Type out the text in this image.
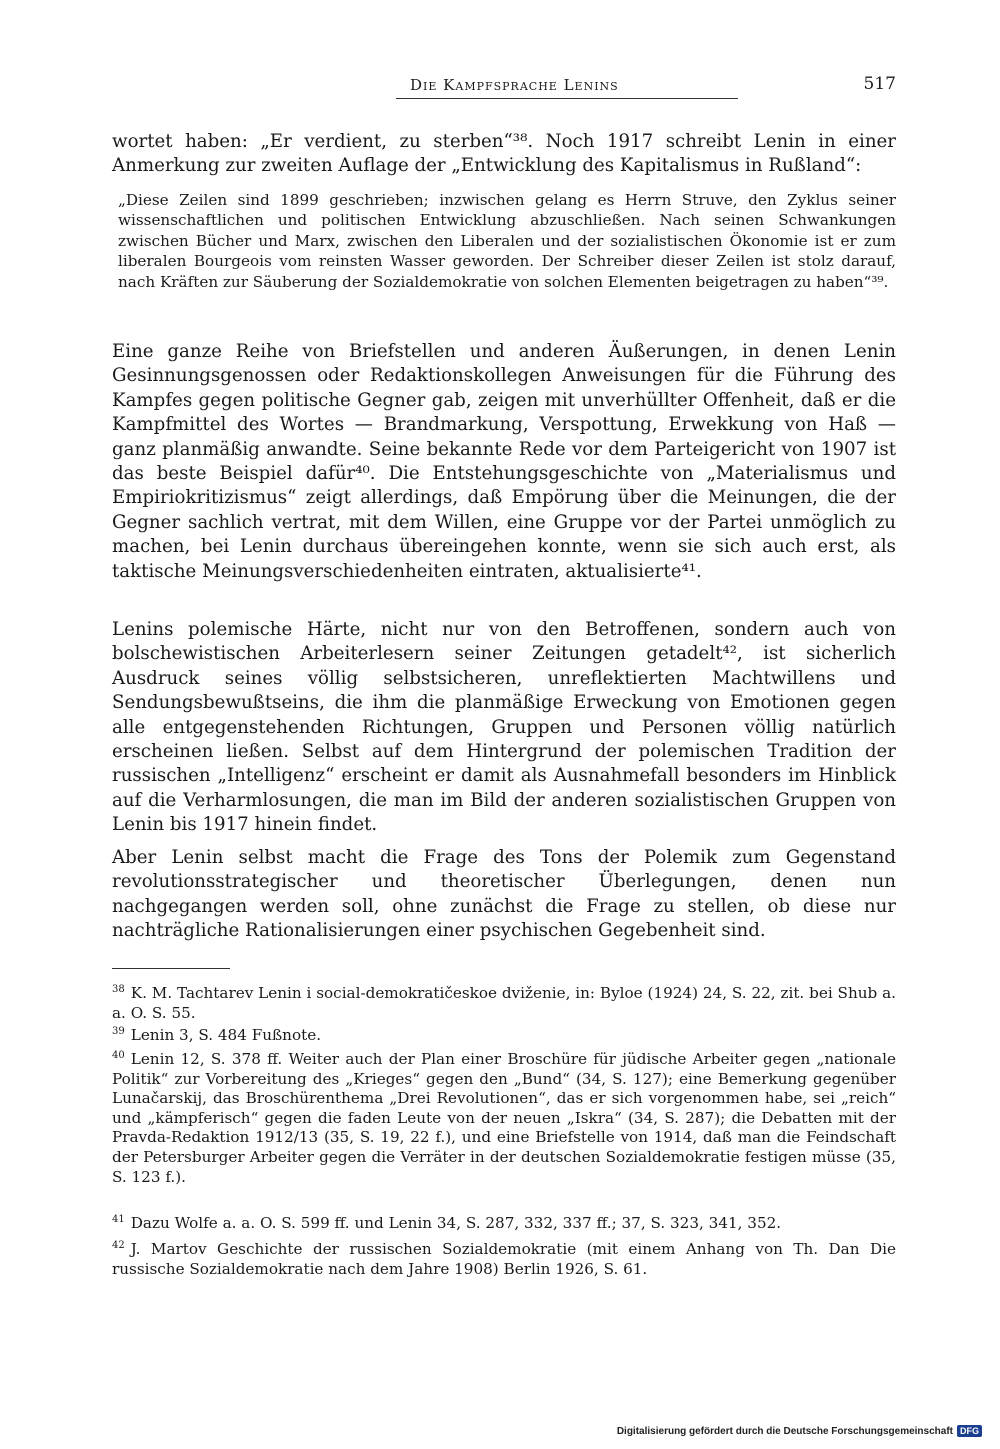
Die Kampfsprache Lenins	517

wortet haben: „Er verdient, zu sterben“³⁸. Noch 1917 schreibt Lenin in einer Anmerkung zur zweiten Auflage der „Entwicklung des Kapitalismus in Rußland“:

„Diese Zeilen sind 1899 geschrieben; inzwischen gelang es Herrn Struve, den Zyklus seiner wissenschaftlichen und politischen Entwicklung abzuschließen. Nach seinen Schwankungen zwischen Bücher und Marx, zwischen den Liberalen und der sozialistischen Ökonomie ist er zum liberalen Bourgeois vom reinsten Wasser geworden. Der Schreiber dieser Zeilen ist stolz darauf, nach Kräften zur Säuberung der Sozialdemokratie von solchen Elementen beigetragen zu haben“³⁹.

Eine ganze Reihe von Briefstellen und anderen Äußerungen, in denen Lenin Gesinnungsgenossen oder Redaktionskollegen Anweisungen für die Führung des Kampfes gegen politische Gegner gab, zeigen mit unverhüllter Offenheit, daß er die Kampfmittel des Wortes — Brandmarkung, Verspottung, Erwekkung von Haß — ganz planmäßig anwandte. Seine bekannte Rede vor dem Parteigericht von 1907 ist das beste Beispiel dafür⁴⁰. Die Entstehungsgeschichte von „Materialismus und Empiriokritizismus“ zeigt allerdings, daß Empörung über die Meinungen, die der Gegner sachlich vertrat, mit dem Willen, eine Gruppe vor der Partei unmöglich zu machen, bei Lenin durchaus übereingehen konnte, wenn sie sich auch erst, als taktische Meinungsverschiedenheiten eintraten, aktualisierte⁴¹.

Lenins polemische Härte, nicht nur von den Betroffenen, sondern auch von bolschewistischen Arbeiterlesern seiner Zeitungen getadelt⁴², ist sicherlich Ausdruck seines völlig selbstsicheren, unreflektierten Machtwillens und Sendungsbewußtseins, die ihm die planmäßige Erweckung von Emotionen gegen alle entgegenstehenden Richtungen, Gruppen und Personen völlig natürlich erscheinen ließen. Selbst auf dem Hintergrund der polemischen Tradition der russischen „Intelligenz“ erscheint er damit als Ausnahmefall besonders im Hinblick auf die Verharmlosungen, die man im Bild der anderen sozialistischen Gruppen von Lenin bis 1917 hinein findet.

Aber Lenin selbst macht die Frage des Tons der Polemik zum Gegenstand revolutionsstrategischer und theoretischer Überlegungen, denen nun nachgegangen werden soll, ohne zunächst die Frage zu stellen, ob diese nur nachträgliche Rationalisierungen einer psychischen Gegebenheit sind.

$^{38}$ K. M. Tachtarev Lenin i social-demokratičeskoe dviženie, in: Byloe (1924) 24, S. 22, zit. bei Shub a. a. O. S. 55.

$^{39}$ Lenin 3, S. 484 Fußnote.

$^{40}$ Lenin 12, S. 378 ff. Weiter auch der Plan einer Broschüre für jüdische Arbeiter gegen „nationale Politik“ zur Vorbereitung des „Krieges“ gegen den „Bund“ (34, S. 127); eine Bemerkung gegenüber Lunačarskij, das Broschürenthema „Drei Revolutionen“, das er sich vorgenommen habe, sei „reich“ und „kämpferisch“ gegen die faden Leute von der neuen „Iskra“ (34, S. 287); die Debatten mit der Pravda-Redaktion 1912/13 (35, S. 19, 22 f.), und eine Briefstelle von 1914, daß man die Feindschaft der Petersburger Arbeiter gegen die Verräter in der deutschen Sozialdemokratie festigen müsse (35, S. 123 f.).

$^{41}$ Dazu Wolfe a. a. O. S. 599 ff. und Lenin 34, S. 287, 332, 337 ff.; 37, S. 323, 341, 352.

$^{42}$ J. Martov Geschichte der russischen Sozialdemokratie (mit einem Anhang von Th. Dan Die russische Sozialdemokratie nach dem Jahre 1908) Berlin 1926, S. 61.

Digitalisierung gefördert durch die Deutsche Forschungsgemeinschaft DFG
